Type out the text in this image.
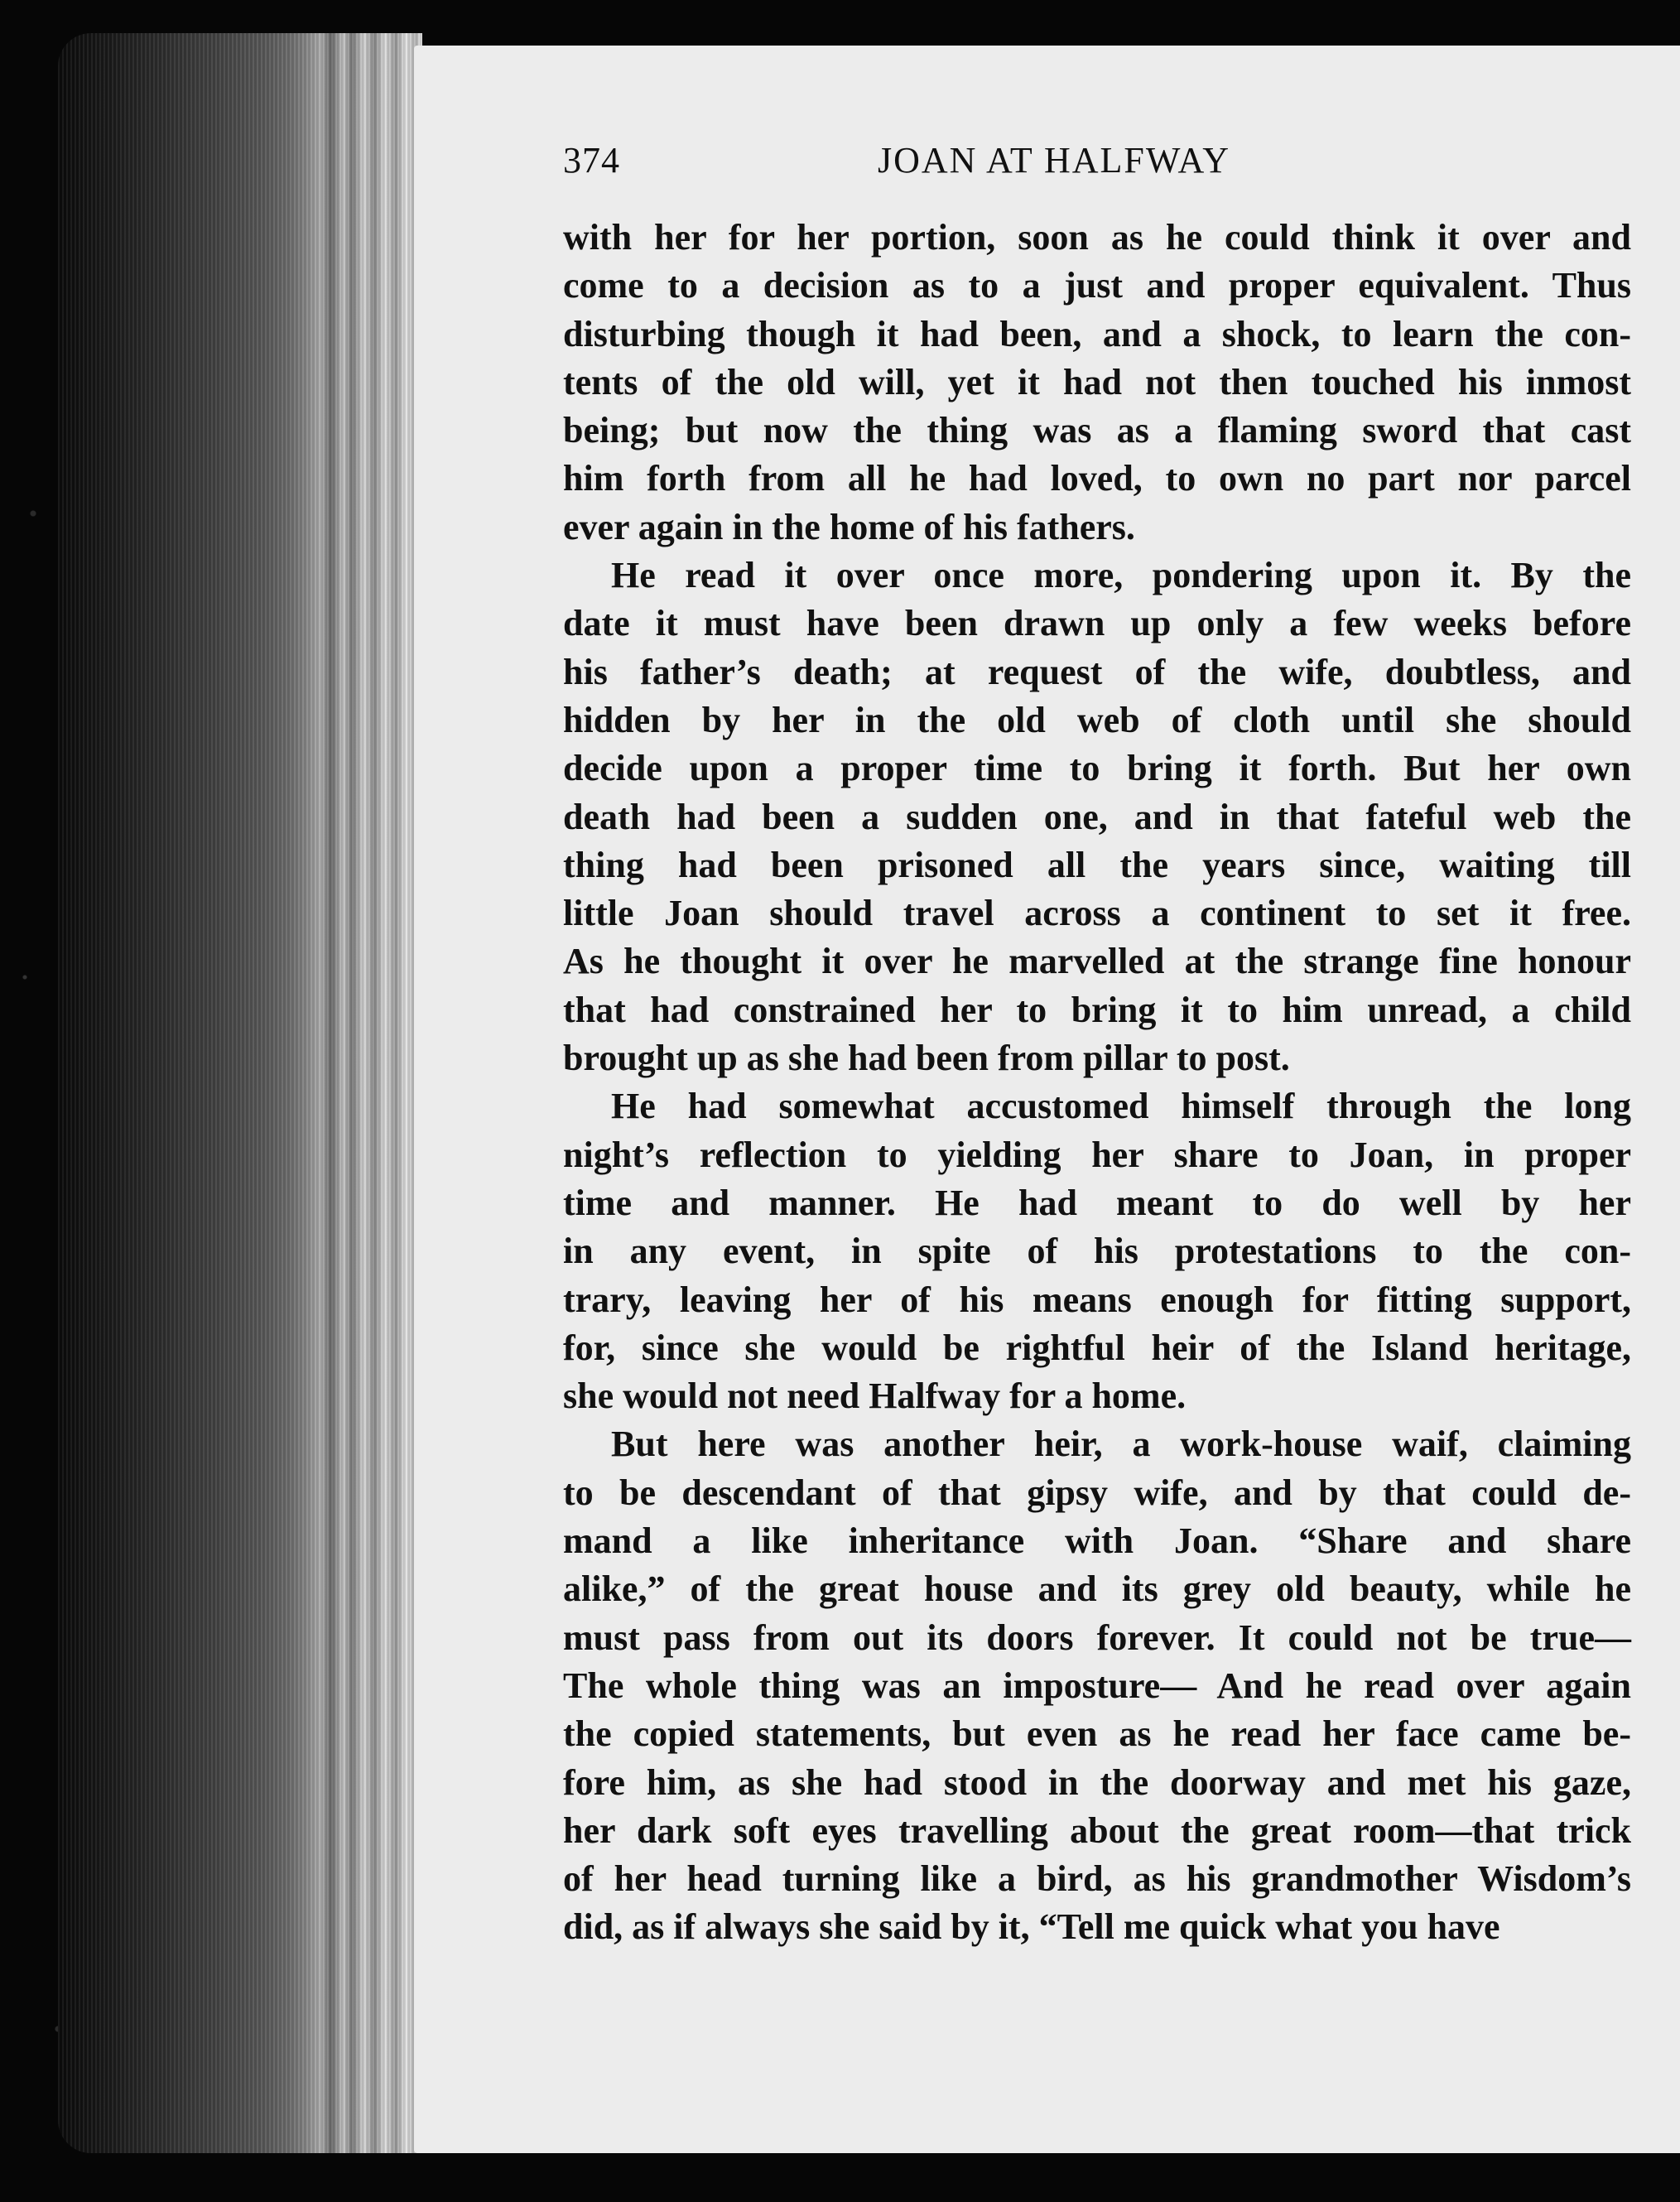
374	JOAN AT HALFWAY
with her for her portion, soon as he could think it over and
come to a decision as to a just and proper equivalent. Thus
disturbing though it had been, and a shock, to learn the con-
tents of the old will, yet it had not then touched his inmost
being; but now the thing was as a flaming sword that cast
him forth from all he had loved, to own no part nor parcel
ever again in the home of his fathers.
He read it over once more, pondering upon it. By the
date it must have been drawn up only a few weeks before
his father’s death; at request of the wife, doubtless, and
hidden by her in the old web of cloth until she should
decide upon a proper time to bring it forth. But her own
death had been a sudden one, and in that fateful web the
thing had been prisoned all the years since, waiting till
little Joan should travel across a continent to set it free.
As he thought it over he marvelled at the strange fine honour
that had constrained her to bring it to him unread, a child
brought up as she had been from pillar to post.
He had somewhat accustomed himself through the long
night’s reflection to yielding her share to Joan, in proper
time and manner. He had meant to do well by her
in any event, in spite of his protestations to the con-
trary, leaving her of his means enough for fitting support,
for, since she would be rightful heir of the Island heritage,
she would not need Halfway for a home.
But here was another heir, a work-house waif, claiming
to be descendant of that gipsy wife, and by that could de-
mand a like inheritance with Joan. “Share and share
alike,” of the great house and its grey old beauty, while he
must pass from out its doors forever. It could not be true—
The whole thing was an imposture— And he read over again
the copied statements, but even as he read her face came be-
fore him, as she had stood in the doorway and met his gaze,
her dark soft eyes travelling about the great room—that trick
of her head turning like a bird, as his grandmother Wisdom’s
did, as if always she said by it, “Tell me quick what you have
